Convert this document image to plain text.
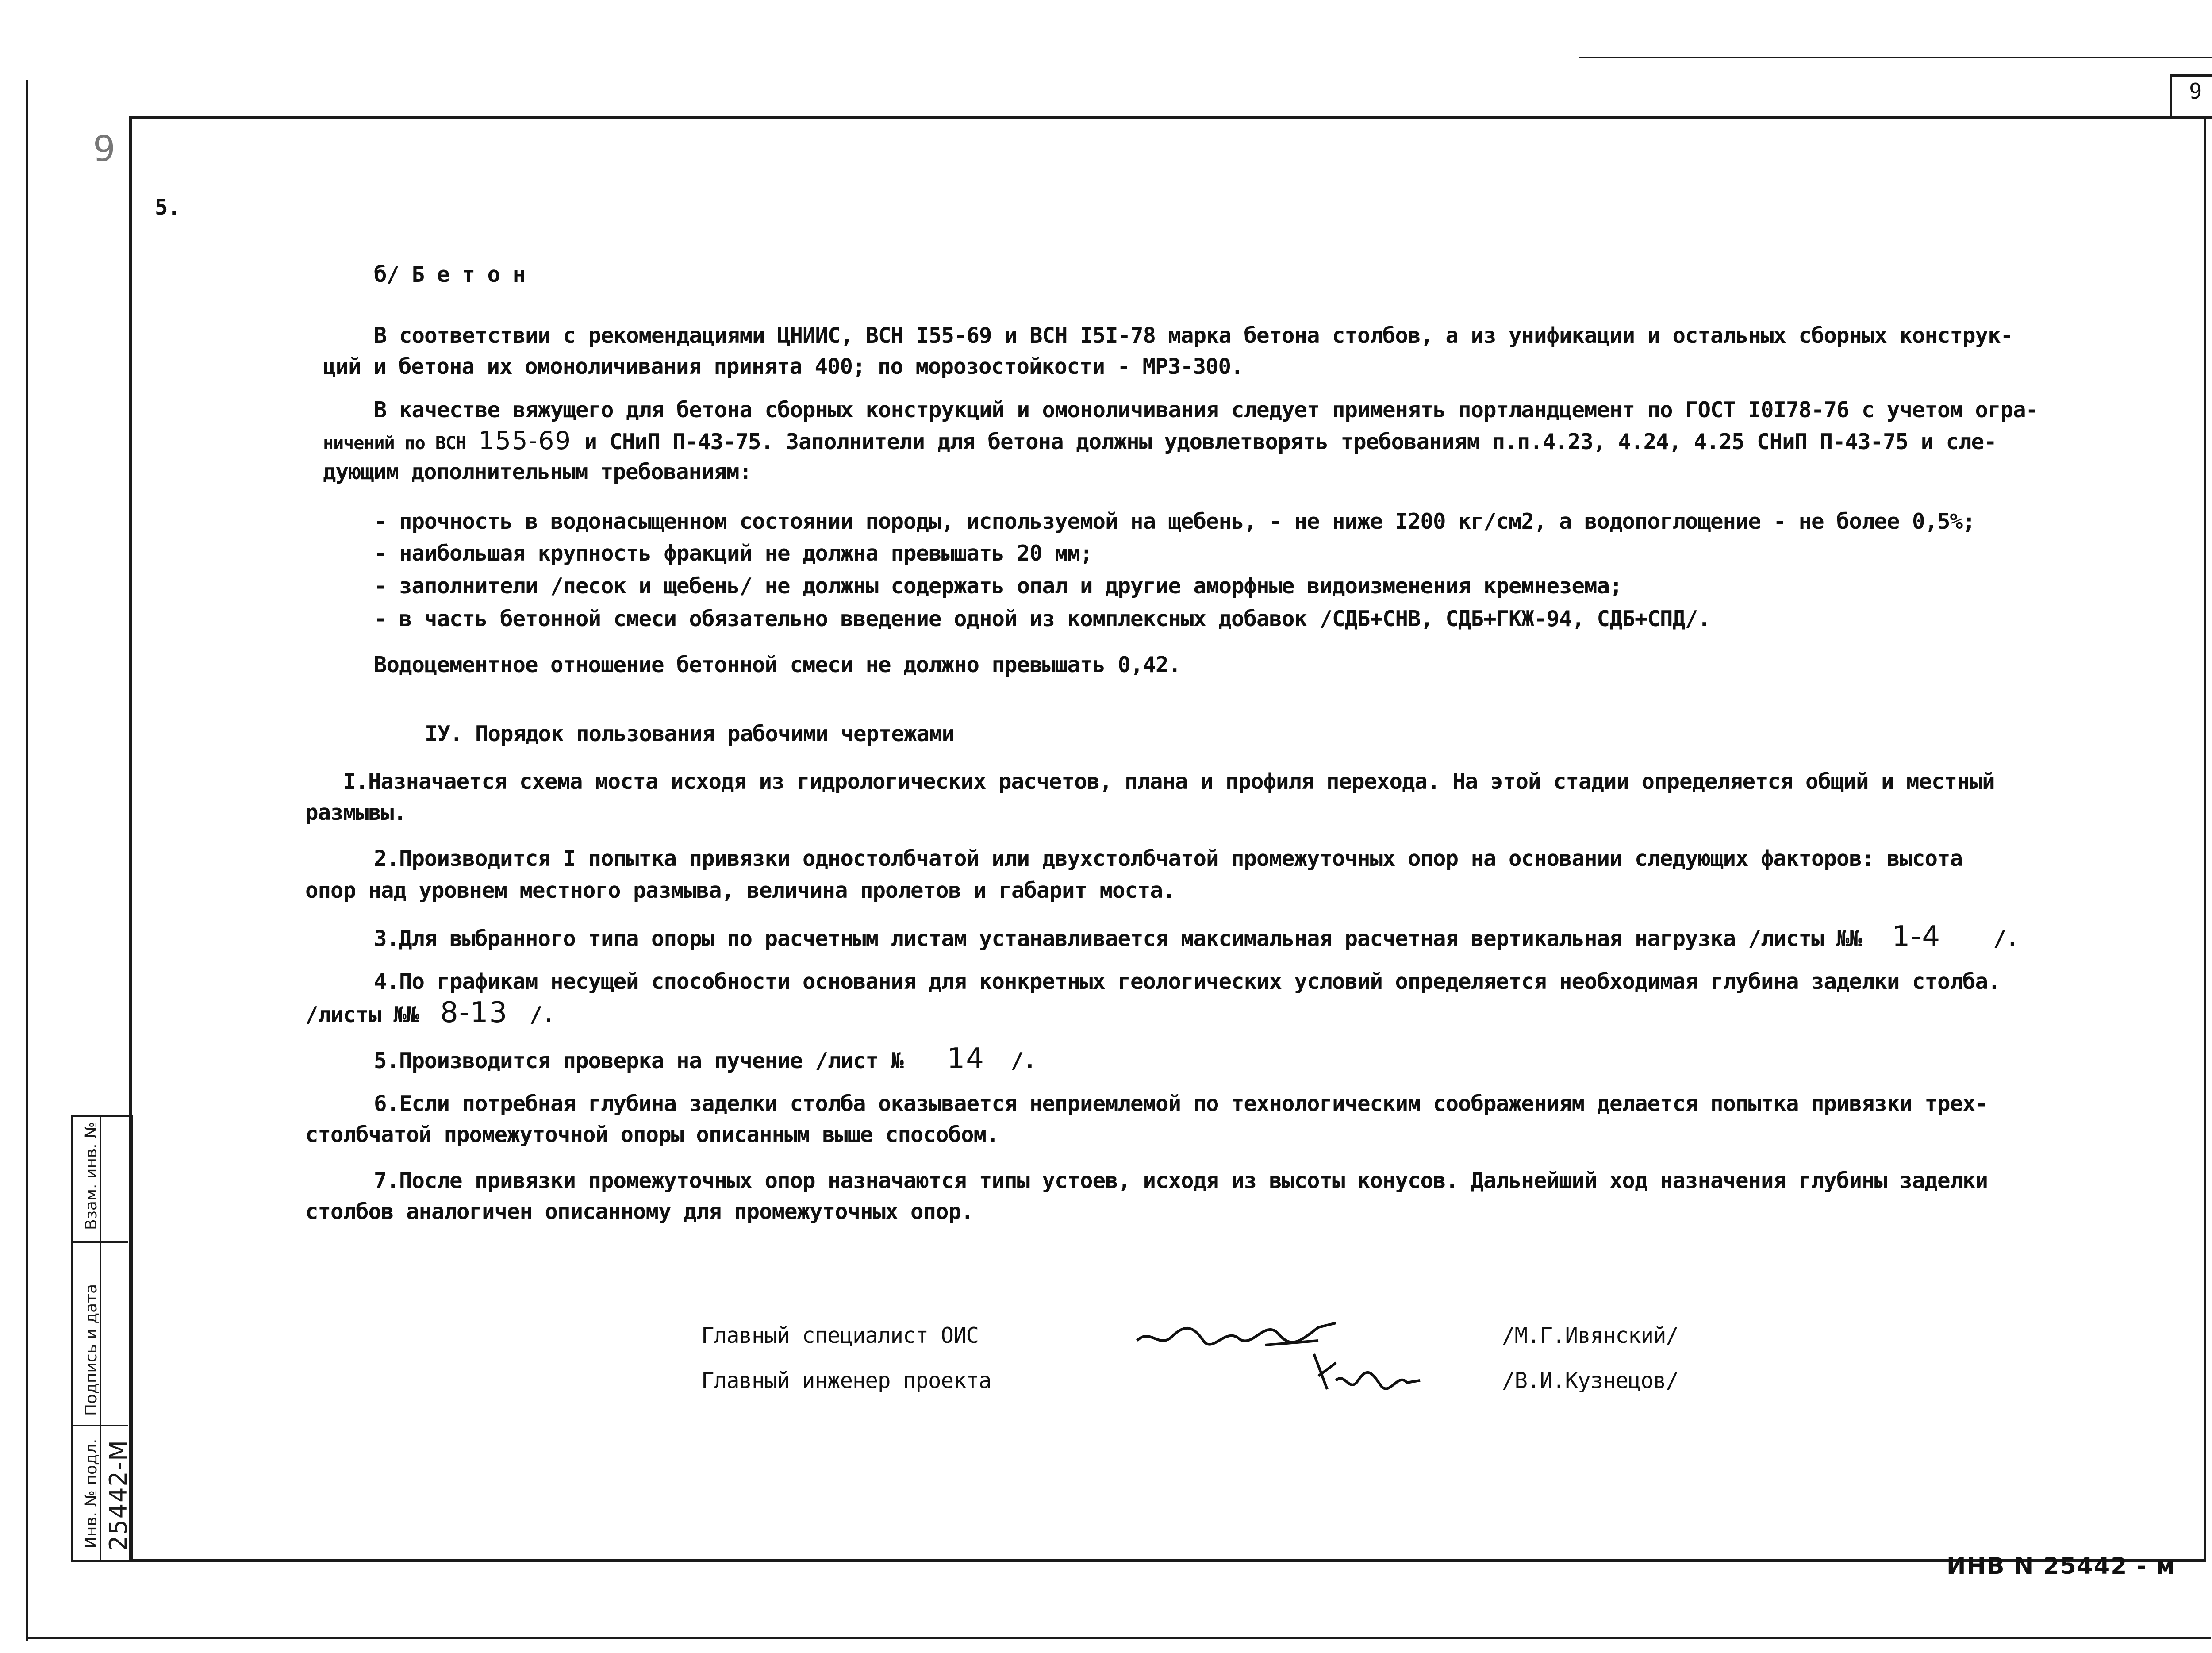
9
9
5.
б/ Б е т о н
В соответствии с рекомендациями ЦНИИС, ВСН I55-69 и ВСН I5I-78 марка бетона столбов, а из унификации и остальных сборных конструк-
ций и бетона их омоноличивания принята 400; по морозостойкости - МРЗ-300.
В качестве вяжущего для бетона сборных конструкций и омоноличивания следует применять портландцемент по ГОСТ I0I78-76 с учетом огра-
ничений по ВСН 155-69 и СНиП П-43-75. Заполнители для бетона должны удовлетворять требованиям п.п.4.23, 4.24, 4.25 СНиП П-43-75 и сле-
дующим дополнительным требованиям:
- прочность в водонасыщенном состоянии породы, используемой на щебень, - не ниже I200 кг/см2, а водопоглощение - не более 0,5%;
- наибольшая крупность фракций не должна превышать 20 мм;
- заполнители /песок и щебень/ не должны содержать опал и другие аморфные видоизменения кремнезема;
- в часть бетонной смеси обязательно введение одной из комплексных добавок /СДБ+СНВ, СДБ+ГКЖ-94, СДБ+СПД/.
Водоцементное отношение бетонной смеси не должно превышать 0,42.
IУ. Порядок пользования рабочими чертежами
I.Назначается схема моста исходя из гидрологических расчетов, плана и профиля перехода. На этой стадии определяется общий и местный
размывы.
2.Производится I попытка привязки одностолбчатой или двухстолбчатой промежуточных опор на основании следующих факторов: высота
опор над уровнем местного размыва, величина пролетов и габарит моста.
3.Для выбранного типа опоры по расчетным листам устанавливается максимальная расчетная вертикальная нагрузка /листы №№ 1-4 /.
4.По графикам несущей способности основания для конкретных геологических условий определяется необходимая глубина заделки столба.
/листы №№ 8-13 /.
5.Производится проверка на пучение /лист № 14 /.
6.Если потребная глубина заделки столба оказывается неприемлемой по технологическим соображениям делается попытка привязки трех-
столбчатой промежуточной опоры описанным выше способом.
7.После привязки промежуточных опор назначаются типы устоев, исходя из высоты конусов. Дальнейший ход назначения глубины заделки
столбов аналогичен описанному для промежуточных опор.
Главный специалист ОИС
Главный инженер проекта
/М.Г.Ивянский/
/В.И.Кузнецов/
Взам. инв. №
Подпись и дата
Инв. № подл. 25442-М
ИНВ N 25442 - м
